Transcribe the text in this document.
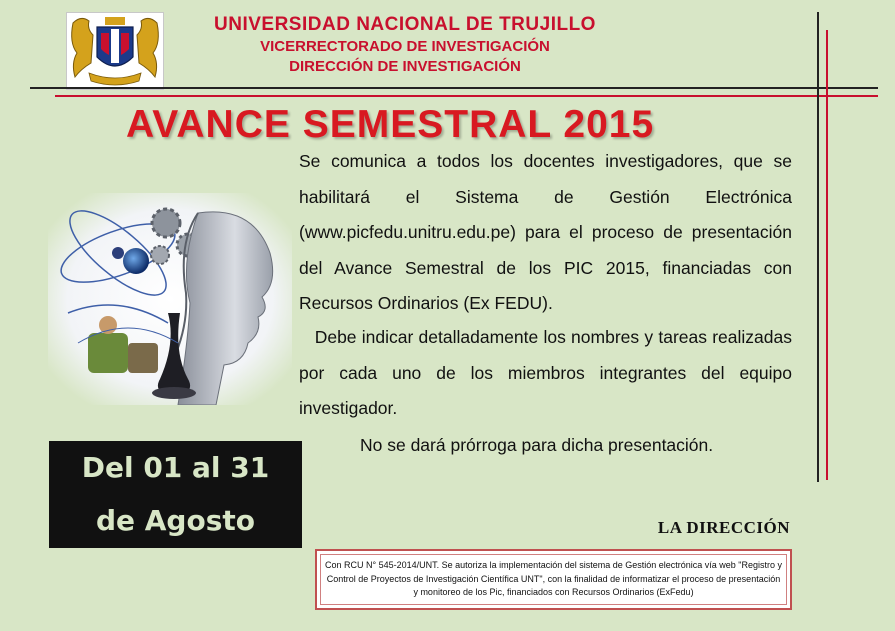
UNIVERSIDAD NACIONAL DE TRUJILLO
VICERRECTORADO DE INVESTIGACIÓN
DIRECCIÓN DE INVESTIGACIÓN
AVANCE SEMESTRAL 2015
Se comunica a todos los docentes investigadores, que se habilitará el Sistema de Gestión Electrónica (www.picfedu.unitru.edu.pe) para el proceso de presentación del Avance Semestral de los PIC 2015, financiadas con Recursos Ordinarios (Ex FEDU).
Debe indicar detalladamente los nombres y tareas realizadas por cada uno de los miembros integrantes del equipo investigador.
No se dará prórroga para dicha presentación.
Del 01 al 31
de Agosto	LA DIRECCIÓN
Con RCU N° 545-2014/UNT. Se autoriza la implementación del sistema de Gestión electrónica vía web "Registro y Control de Proyectos de Investigación Científica UNT", con la finalidad de informatizar el proceso de presentación y monitoreo de los Pic, financiados con Recursos Ordinarios (ExFedu)
